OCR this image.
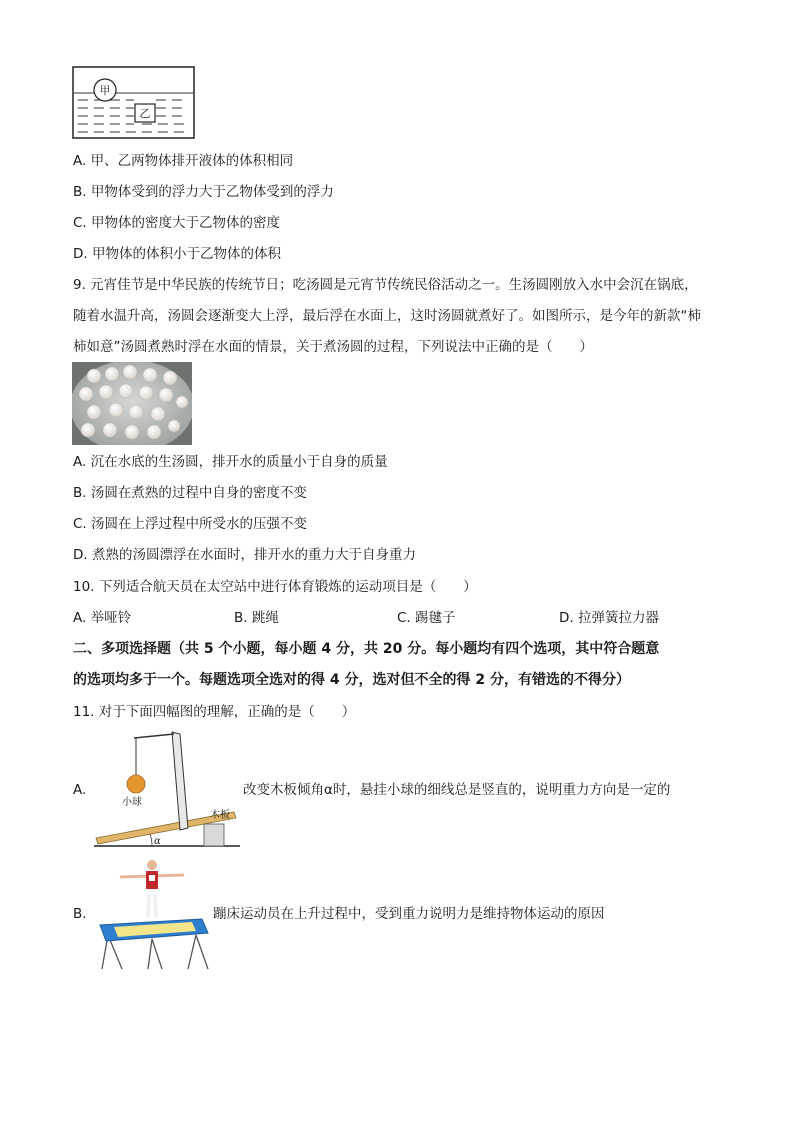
甲
乙
A. 甲、乙两物体排开液体的体积相同
B. 甲物体受到的浮力大于乙物体受到的浮力
C. 甲物体的密度大于乙物体的密度
D. 甲物体的体积小于乙物体的体积
9. 元宵佳节是中华民族的传统节日；吃汤圆是元宵节传统民俗活动之一。生汤圆刚放入水中会沉在锅底，
随着水温升高，汤圆会逐渐变大上浮，最后浮在水面上，这时汤圆就煮好了。如图所示，是今年的新款“柿
柿如意”汤圆煮熟时浮在水面的情景，关于煮汤圆的过程，下列说法中正确的是（　　）
A. 沉在水底的生汤圆，排开水的质量小于自身的质量
B. 汤圆在煮熟的过程中自身的密度不变
C. 汤圆在上浮过程中所受水的压强不变
D. 煮熟的汤圆漂浮在水面时，排开水的重力大于自身重力
10. 下列适合航天员在太空站中进行体育锻炼的运动项目是（　　）
A. 举哑铃	B. 跳绳	C. 踢毽子	D. 拉弹簧拉力器
二、多项选择题（共 5 个小题，每小题 4 分，共 20 分。每小题均有四个选项，其中符合题意
的选项均多于一个。每题选项全选对的得 4 分，选对但不全的得 2 分，有错选的不得分）
11. 对于下面四幅图的理解，正确的是（　　）
A.
小球
木板
α
改变木板倾角α时，悬挂小球的细线总是竖直的，说明重力方向是一定的
B.	蹦床运动员在上升过程中，受到重力说明力是维持物体运动的原因
